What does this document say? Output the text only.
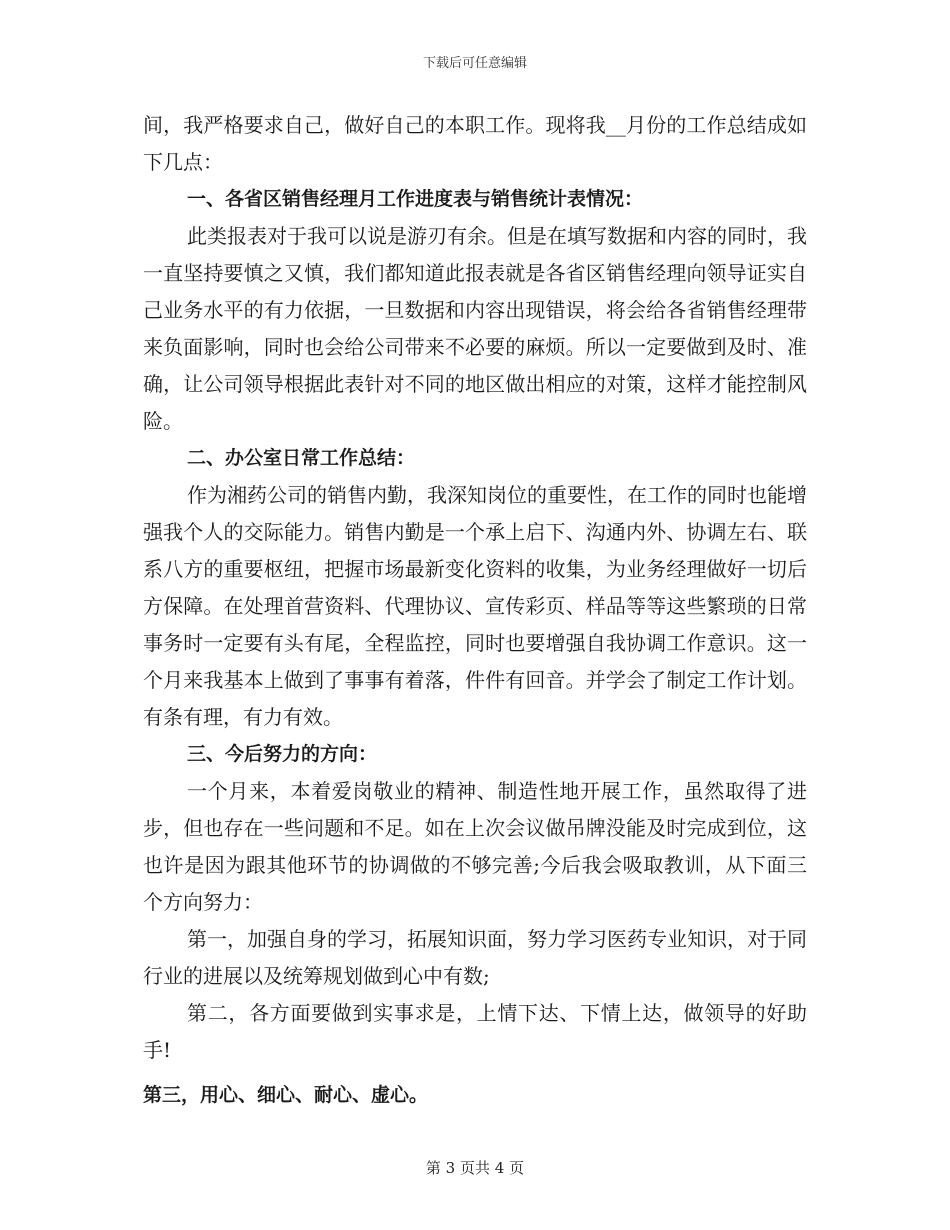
下载后可任意编辑

间，我严格要求自己，做好自己的本职工作。现将我__月份的工作总结成如下几点：

一、各省区销售经理月工作进度表与销售统计表情况：

此类报表对于我可以说是游刃有余。但是在填写数据和内容的同时，我一直坚持要慎之又慎，我们都知道此报表就是各省区销售经理向领导证实自己业务水平的有力依据，一旦数据和内容出现错误，将会给各省销售经理带来负面影响，同时也会给公司带来不必要的麻烦。所以一定要做到及时、准确，让公司领导根据此表针对不同的地区做出相应的对策，这样才能控制风险。

二、办公室日常工作总结：

作为湘药公司的销售内勤，我深知岗位的重要性，在工作的同时也能增强我个人的交际能力。销售内勤是一个承上启下、沟通内外、协调左右、联系八方的重要枢纽，把握市场最新变化资料的收集，为业务经理做好一切后方保障。在处理首营资料、代理协议、宣传彩页、样品等等这些繁琐的日常事务时一定要有头有尾，全程监控，同时也要增强自我协调工作意识。这一个月来我基本上做到了事事有着落，件件有回音。并学会了制定工作计划。有条有理，有力有效。

三、今后努力的方向：

一个月来，本着爱岗敬业的精神、制造性地开展工作，虽然取得了进步，但也存在一些问题和不足。如在上次会议做吊牌没能及时完成到位，这也许是因为跟其他环节的协调做的不够完善;今后我会吸取教训，从下面三个方向努力：

第一，加强自身的学习，拓展知识面，努力学习医药专业知识，对于同行业的进展以及统筹规划做到心中有数;

第二，各方面要做到实事求是，上情下达、下情上达，做领导的好助手!

第三，用心、细心、耐心、虚心。

第 3 页共 4 页
